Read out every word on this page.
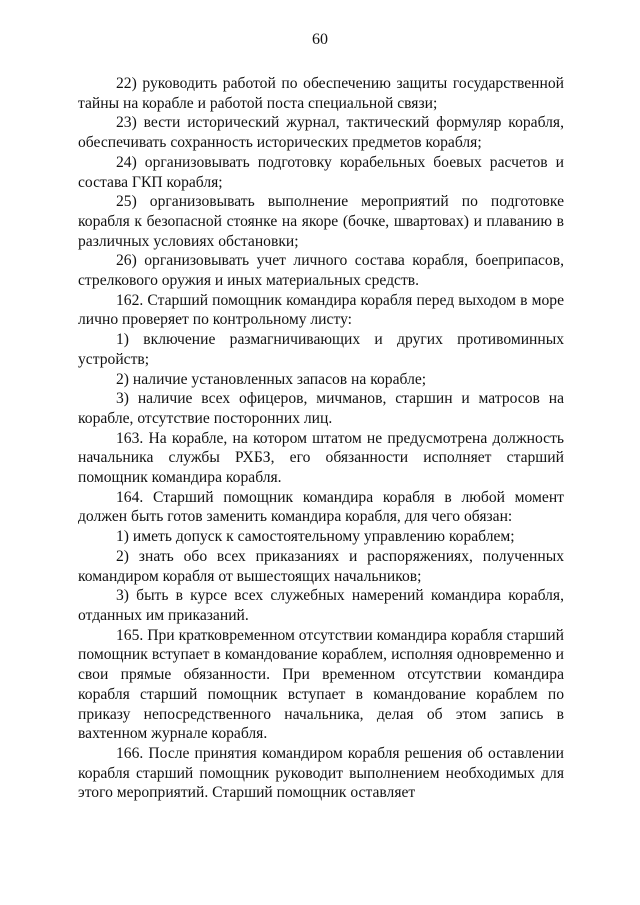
60

22) руководить работой по обеспечению защиты государственной тайны на корабле и работой поста специальной связи;

23) вести исторический журнал, тактический формуляр корабля, обеспечивать сохранность исторических предметов корабля;

24) организовывать подготовку корабельных боевых расчетов и состава ГКП корабля;

25) организовывать выполнение мероприятий по подготовке корабля к безопасной стоянке на якоре (бочке, швартовах) и плаванию в различных условиях обстановки;

26) организовывать учет личного состава корабля, боеприпасов, стрелкового оружия и иных материальных средств.

162. Старший помощник командира корабля перед выходом в море лично проверяет по контрольному листу:

1) включение размагничивающих и других противоминных устройств;

2) наличие установленных запасов на корабле;

3) наличие всех офицеров, мичманов, старшин и матросов на корабле, отсутствие посторонних лиц.

163. На корабле, на котором штатом не предусмотрена должность начальника службы РХБЗ, его обязанности исполняет старший помощник командира корабля.

164. Старший помощник командира корабля в любой момент должен быть готов заменить командира корабля, для чего обязан:

1) иметь допуск к самостоятельному управлению кораблем;

2) знать обо всех приказаниях и распоряжениях, полученных командиром корабля от вышестоящих начальников;

3) быть в курсе всех служебных намерений командира корабля, отданных им приказаний.

165. При кратковременном отсутствии командира корабля старший помощник вступает в командование кораблем, исполняя одновременно и свои прямые обязанности. При временном отсутствии командира корабля старший помощник вступает в командование кораблем по приказу непосредственного начальника, делая об этом запись в вахтенном журнале корабля.

166. После принятия командиром корабля решения об оставлении корабля старший помощник руководит выполнением необходимых для этого мероприятий. Старший помощник оставляет
